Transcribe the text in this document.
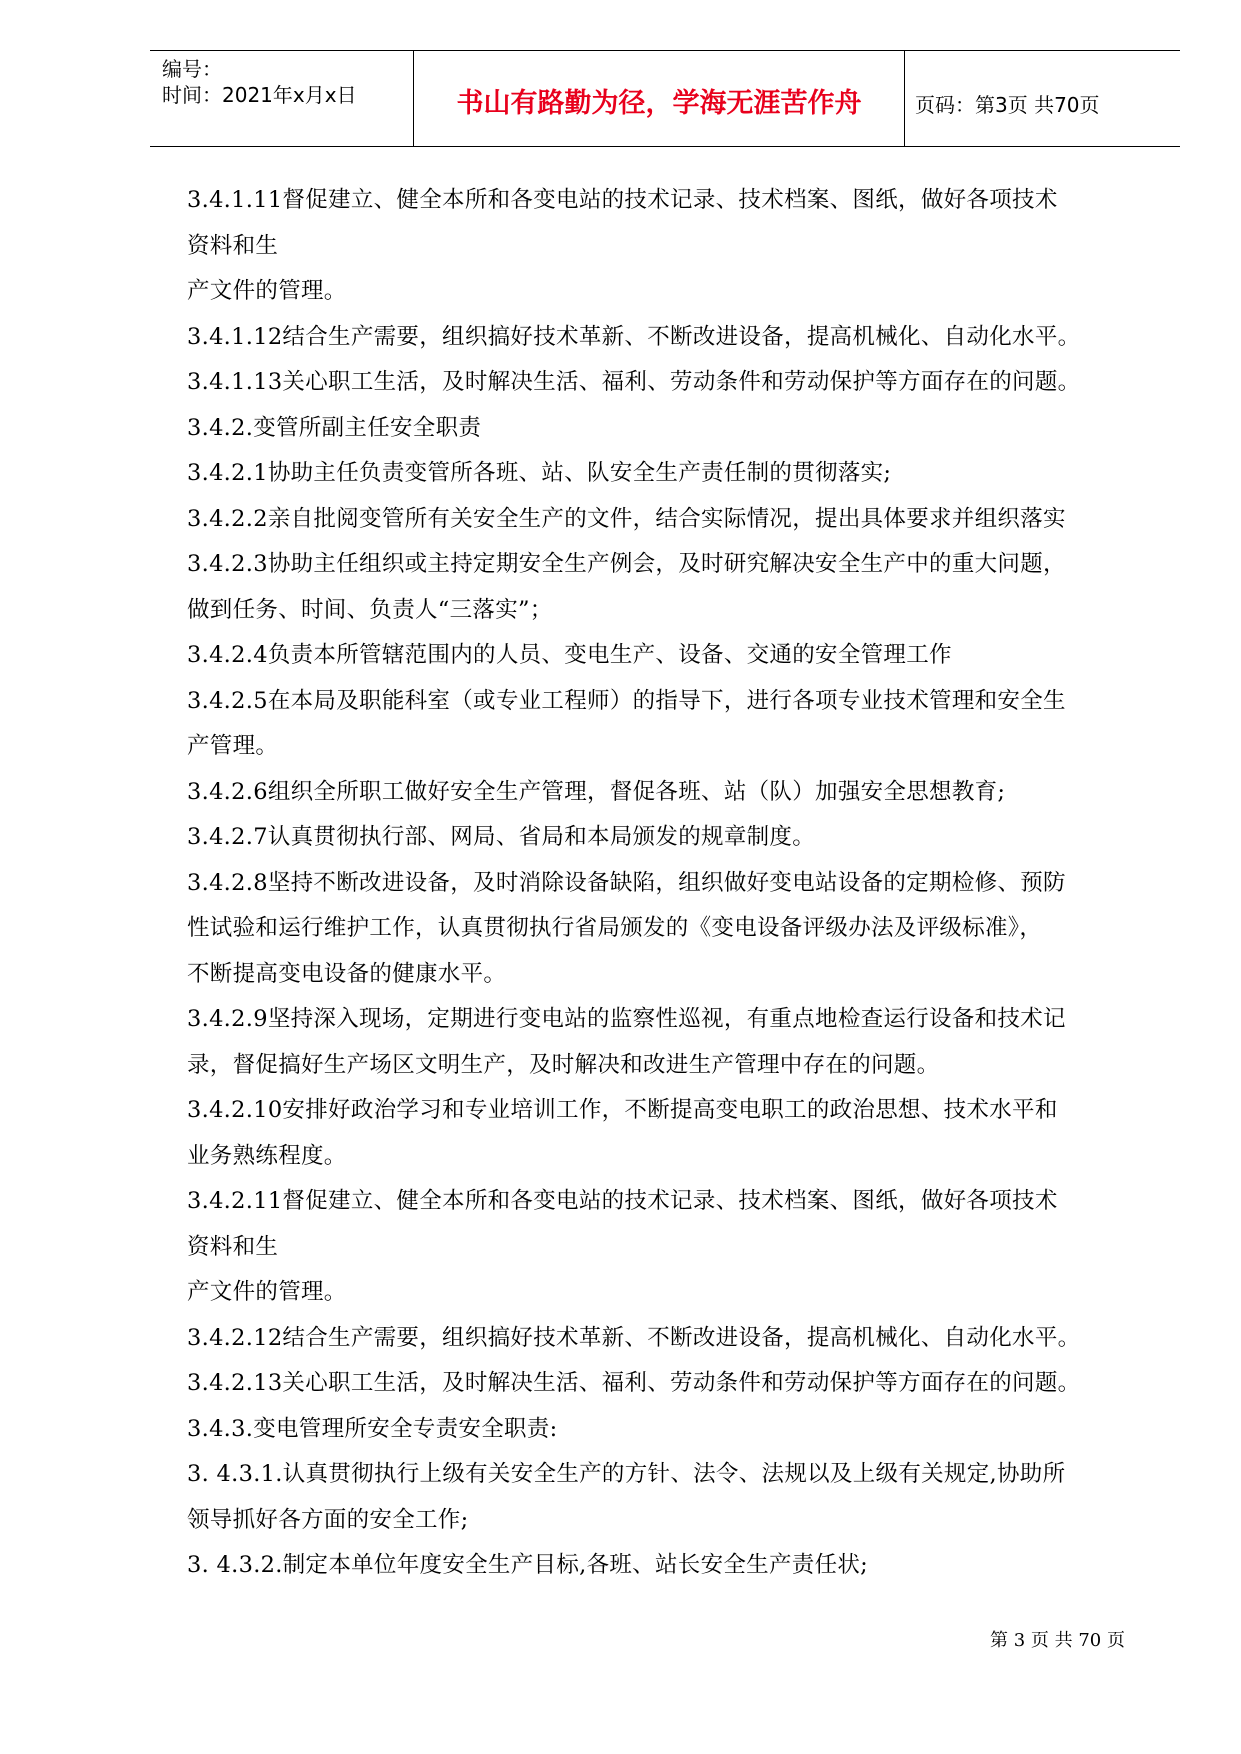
编号：
时间：2021年x月x日	书山有路勤为径，学海无涯苦作舟	页码：第3页 共70页
3.4.1.11督促建立、健全本所和各变电站的技术记录、技术档案、图纸，做好各项技术
资料和生
产文件的管理。
3.4.1.12结合生产需要，组织搞好技术革新、不断改进设备，提高机械化、自动化水平。
3.4.1.13关心职工生活，及时解决生活、福利、劳动条件和劳动保护等方面存在的问题。
3.4.2.变管所副主任安全职责
3.4.2.1协助主任负责变管所各班、站、队安全生产责任制的贯彻落实;
3.4.2.2亲自批阅变管所有关安全生产的文件，结合实际情况，提出具体要求并组织落实
3.4.2.3协助主任组织或主持定期安全生产例会，及时研究解决安全生产中的重大问题，
做到任务、时间、负责人“三落实”；
3.4.2.4负责本所管辖范围内的人员、变电生产、设备、交通的安全管理工作
3.4.2.5在本局及职能科室（或专业工程师）的指导下，进行各项专业技术管理和安全生
产管理。
3.4.2.6组织全所职工做好安全生产管理，督促各班、站（队）加强安全思想教育;
3.4.2.7认真贯彻执行部、网局、省局和本局颁发的规章制度。
3.4.2.8坚持不断改进设备，及时消除设备缺陷，组织做好变电站设备的定期检修、预防
性试验和运行维护工作，认真贯彻执行省局颁发的《变电设备评级办法及评级标准》，
不断提高变电设备的健康水平。
3.4.2.9坚持深入现场，定期进行变电站的监察性巡视，有重点地检查运行设备和技术记
录，督促搞好生产场区文明生产，及时解决和改进生产管理中存在的问题。
3.4.2.10安排好政治学习和专业培训工作，不断提高变电职工的政治思想、技术水平和
业务熟练程度。
3.4.2.11督促建立、健全本所和各变电站的技术记录、技术档案、图纸，做好各项技术
资料和生
产文件的管理。
3.4.2.12结合生产需要，组织搞好技术革新、不断改进设备，提高机械化、自动化水平。
3.4.2.13关心职工生活，及时解决生活、福利、劳动条件和劳动保护等方面存在的问题。
3.4.3.变电管理所安全专责安全职责:
3. 4.3.1.认真贯彻执行上级有关安全生产的方针、法令、法规以及上级有关规定,协助所
领导抓好各方面的安全工作;
3. 4.3.2.制定本单位年度安全生产目标,各班、站长安全生产责任状;
第 3 页 共 70 页
